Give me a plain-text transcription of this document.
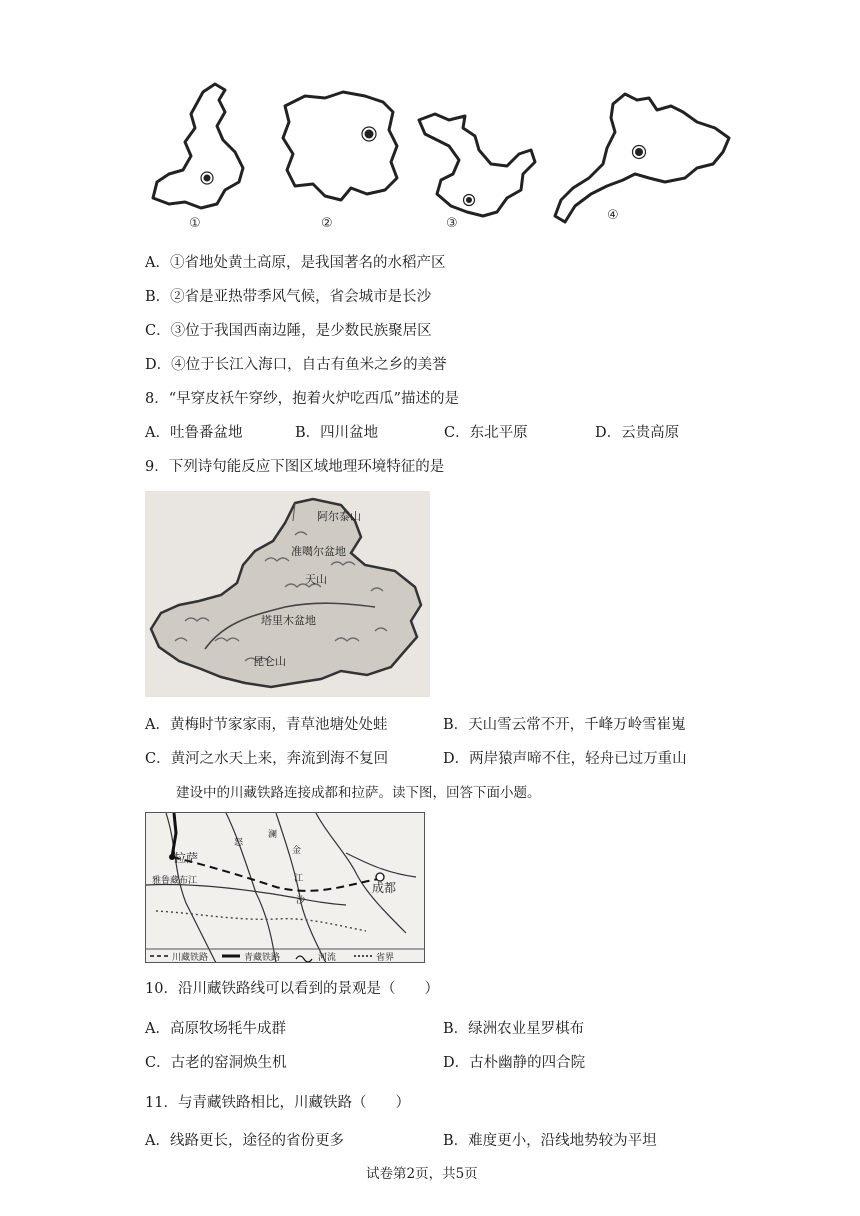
①	②	③
④
A．①省地处黄土高原，是我国著名的水稻产区
B．②省是亚热带季风气候，省会城市是长沙
C．③位于我国西南边陲，是少数民族聚居区
D．④位于长江入海口，自古有鱼米之乡的美誉
8．“早穿皮袄午穿纱，抱着火炉吃西瓜”描述的是
A．吐鲁番盆地	B．四川盆地	C．东北平原	D．云贵高原
9．下列诗句能反应下图区域地理环境特征的是
阿尔泰山
准噶尔盆地
天山
塔里木盆地
昆仑山
A．黄梅时节家家雨，青草池塘处处蛙	B．天山雪云常不开，千峰万岭雪崔嵬
C．黄河之水天上来，奔流到海不复回	D．两岸猿声啼不住，轻舟已过万重山
建设中的川藏铁路连接成都和拉萨。读下图，回答下面小题。
拉萨
成都
雅鲁藏布江
怒
澜
金
江
沙
川藏铁路	青藏铁路	河流	省界
10．沿川藏铁路线可以看到的景观是（　　）
A．高原牧场牦牛成群	B．绿洲农业星罗棋布
C．古老的窑洞焕生机	D．古朴幽静的四合院
11．与青藏铁路相比，川藏铁路（　　）
A．线路更长，途径的省份更多	B．难度更小，沿线地势较为平坦
试卷第2页，共5页
